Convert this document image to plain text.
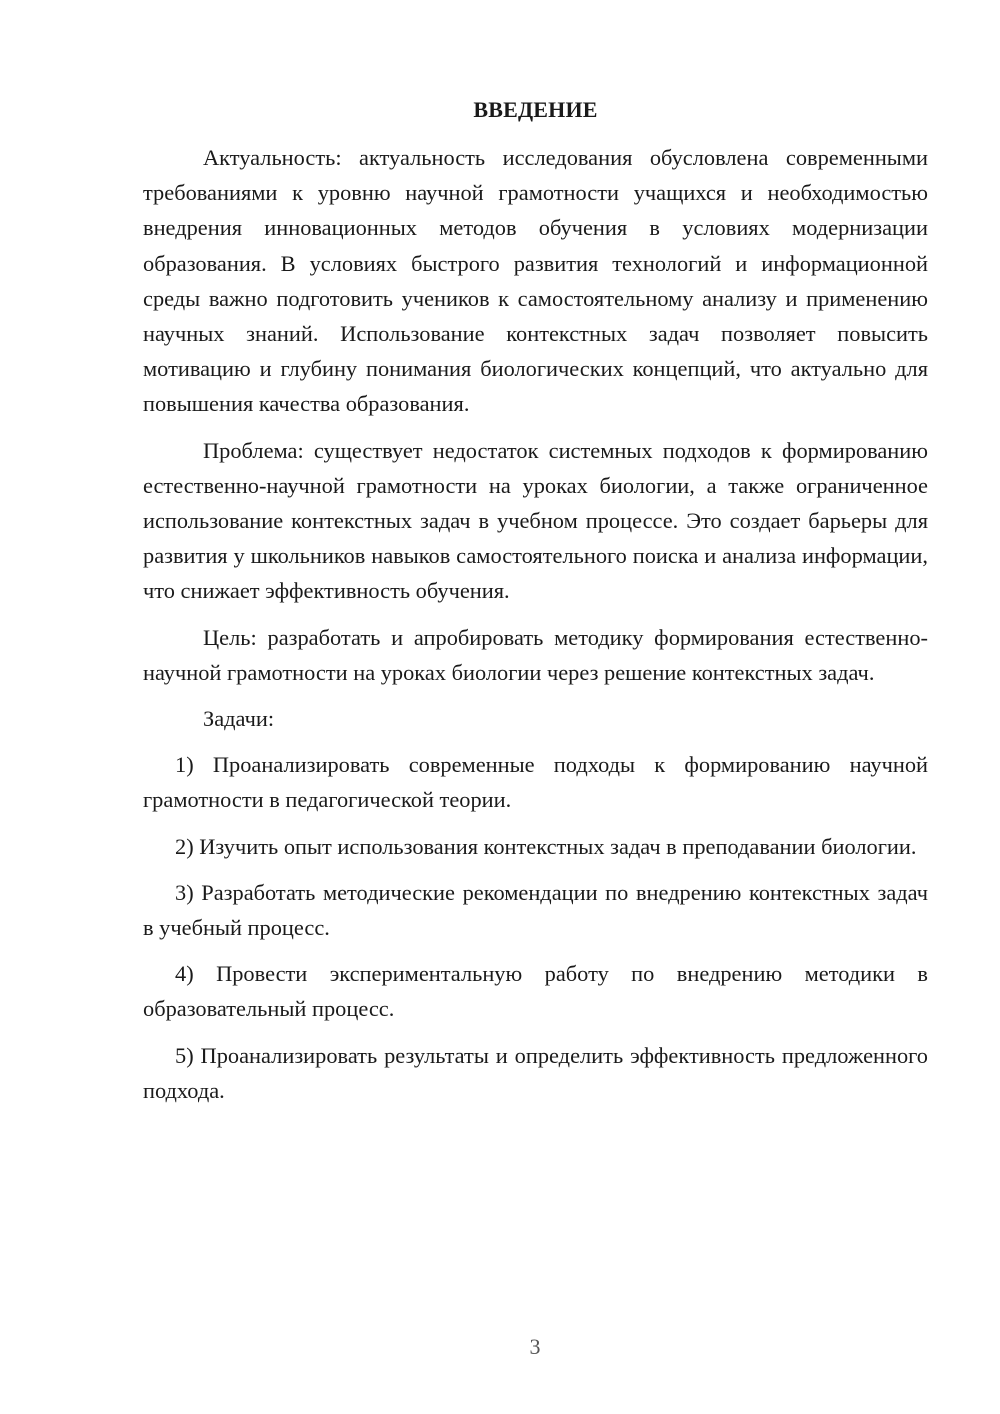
ВВЕДЕНИЕ

Актуальность: актуальность исследования обусловлена современными требованиями к уровню научной грамотности учащихся и необходимостью внедрения инновационных методов обучения в условиях модернизации образования. В условиях быстрого развития технологий и информационной среды важно подготовить учеников к самостоятельному анализу и применению научных знаний. Использование контекстных задач позволяет повысить мотивацию и глубину понимания биологических концепций, что актуально для повышения качества образования.

Проблема: существует недостаток системных подходов к формированию естественно-научной грамотности на уроках биологии, а также ограниченное использование контекстных задач в учебном процессе. Это создает барьеры для развития у школьников навыков самостоятельного поиска и анализа информации, что снижает эффективность обучения.

Цель: разработать и апробировать методику формирования естественно-научной грамотности на уроках биологии через решение контекстных задач.

Задачи:

1) Проанализировать современные подходы к формированию научной грамотности в педагогической теории.
2) Изучить опыт использования контекстных задач в преподавании биологии.
3) Разработать методические рекомендации по внедрению контекстных задач в учебный процесс.
4) Провести экспериментальную работу по внедрению методики в образовательный процесс.
5) Проанализировать результаты и определить эффективность предложенного подхода.
3
